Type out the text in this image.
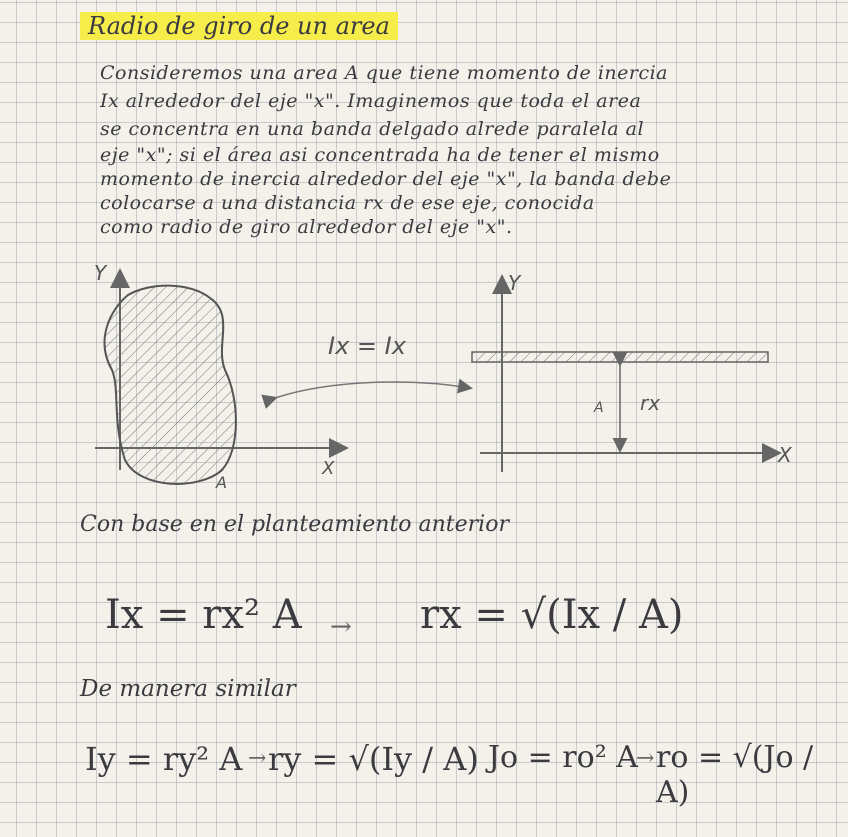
Radio de giro de un area
Consideremos una area A que tiene momento de inercia
Ix alrededor del eje "x". Imaginemos que toda el area
se concentra en una banda delgado alrede paralela al
eje "x"; si el área asi concentrada ha de tener el mismo
momento de inercia alrededor del eje "x", la banda debe
colocarse a una distancia rx de ese eje, conocida
como radio de giro alrededor del eje "x".
Y
X
A
Ix = Ix
Y
X
A rx
Con base en el planteamiento anterior
Ix = rx² A → rx = √(Ix / A)
De manera similar
Iy = ry² A → ry = √(Iy / A) Jo = ro² A
→ ro = √(Jo / A)
